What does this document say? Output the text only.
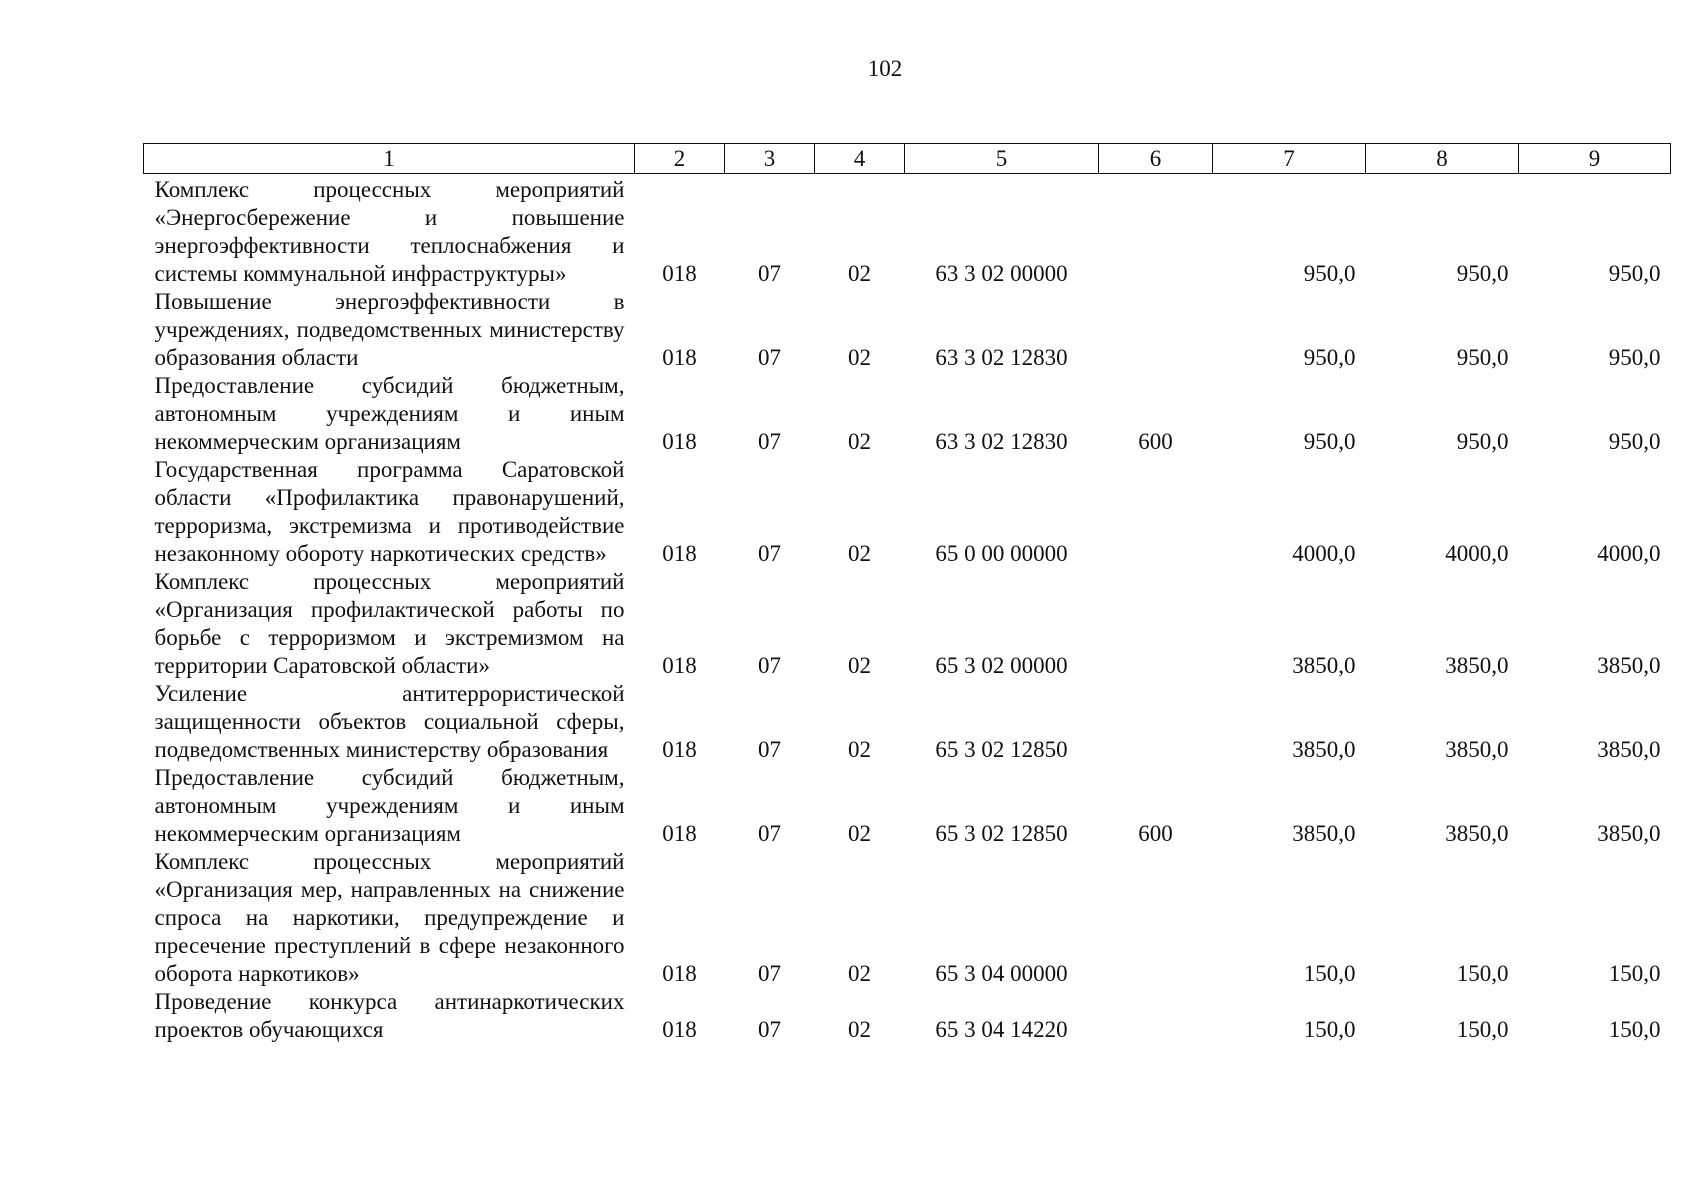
102
1	2	3	4	5	6	7	8	9
Комплекс процессных мероприятий «Энергосбережение и повышение энергоэффективности теплоснабжения и системы коммунальной инфраструктуры»	018	07	02	63 3 02 00000		950,0	950,0	950,0
Повышение энергоэффективности в учреждениях, подведомственных министерству образования области	018	07	02	63 3 02 12830		950,0	950,0	950,0
Предоставление субсидий бюджетным, автономным учреждениям и иным некоммерческим организациям	018	07	02	63 3 02 12830	600	950,0	950,0	950,0
Государственная программа Саратовской области «Профилактика правонарушений, терроризма, экстремизма и противодействие незаконному обороту наркотических средств»	018	07	02	65 0 00 00000		4000,0	4000,0	4000,0
Комплекс процессных мероприятий «Организация профилактической работы по борьбе с терроризмом и экстремизмом на территории Саратовской области»	018	07	02	65 3 02 00000		3850,0	3850,0	3850,0
Усиление антитеррористической защищенности объектов социальной сферы, подведомственных министерству образования	018	07	02	65 3 02 12850		3850,0	3850,0	3850,0
Предоставление субсидий бюджетным, автономным учреждениям и иным некоммерческим организациям	018	07	02	65 3 02 12850	600	3850,0	3850,0	3850,0
Комплекс процессных мероприятий «Организация мер, направленных на снижение спроса на наркотики, предупреждение и пресечение преступлений в сфере незаконного оборота наркотиков»	018	07	02	65 3 04 00000		150,0	150,0	150,0
Проведение конкурса антинаркотических проектов обучающихся	018	07	02	65 3 04 14220		150,0	150,0	150,0
